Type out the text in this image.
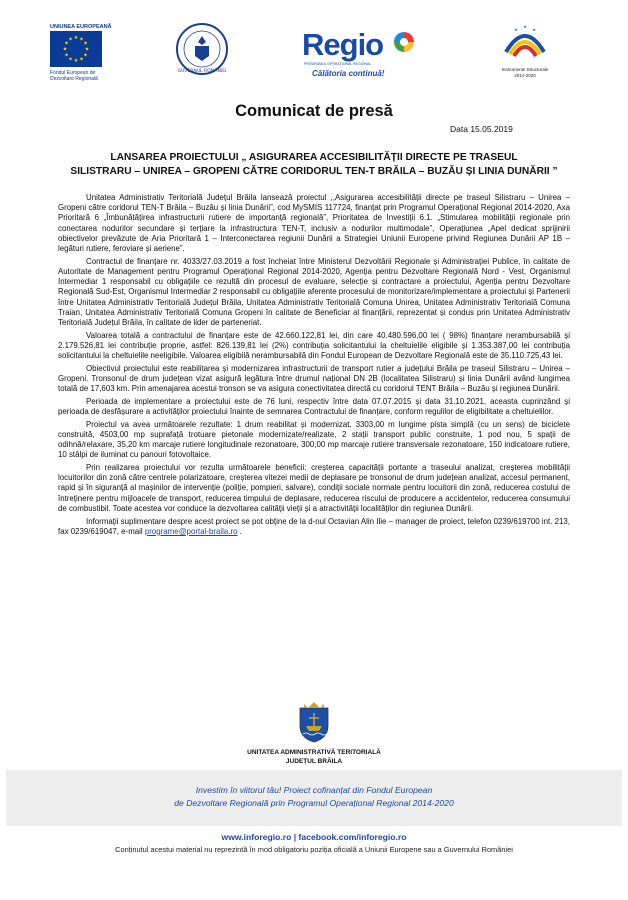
UNIUNEA EUROPEANĂ
★ ★
★
★
★
★
★
★
★
★
★
★
Fondul European de
Dezvoltare Regională
GUVERNUL ROMÂNIEI
Regio
PROGRAMUL OPERAȚIONAL REGIONAL
Călătoria continuă!
★
★
★
Instrumente Structurale
2014-2020
Comunicat de presă
Data 15.05.2019
LANSAREA PROIECTULUI „ ASIGURAREA ACCESIBILITĂȚII DIRECTE PE TRASEUL
SILISTRARU – UNIREA – GROPENI CĂTRE CORIDORUL TEN-T BRĂILA – BUZĂU ȘI LINIA DUNĂRII ”

Unitatea Administrativ Teritorială Județul Brăila lansează proiectul ,,Asigurarea accesibilității directe pe traseul Silistraru – Unirea – Gropeni către coridorul TEN-T Brăila – Buzău și linia Dunării”, cod MySMIS 117724, finanțat prin Programul Operațional Regional 2014-2020, Axa Prioritară 6 „Îmbunătățirea infrastructurii rutiere de importanță regională”, Prioritatea de Investiții 6.1. „Stimularea mobilității regionale prin conectarea nodurilor secundare și terțiare la infrastructura TEN-T, inclusiv a nodurilor multimodale”, Operațiunea „Apel dedicat sprijinirii obiectivelor prevăzute de Aria Prioritară 1 – Interconectarea regiunii Dunării a Strategiei Uniunii Europene privind Regiunea Dunării AP 1B – legături rutiere, feroviare și aeriene”.

Contractul de finanțare nr. 4033/27.03.2019 a fost încheiat între Ministerul Dezvoltării Regionale și Administrației Publice, în calitate de Autoritate de Management pentru Programul Operațional Regional 2014-2020, Agenția pentru Dezvoltare Regională Nord - Vest, Organismul Intermediar 1 responsabil cu obligațiile ce rezultă din procesul de evaluare, selecție și contractare a proiectului, Agenția pentru Dezvoltare Regională Sud-Est, Organismul Intermediar 2 responsabil cu obligațiile aferente procesului de monitorizare/implementare a proiectului și Partenerii între Unitatea Administrativ Teritorială Județul Brăila, Unitatea Administrativ Teritorială Comuna Unirea, Unitatea Administrativ Teritorială Comuna Traian, Unitatea Administrativ Teritorială Comuna Gropeni în calitate de Beneficiar al finanțării, reprezentat și condus prin Unitatea Administrativ Teritorială Județul Brăila, în calitate de lider de parteneriat.

Valoarea totală a contractului de finanțare este de 42.660.122,81 lei, din care 40.480.596,00 lei ( 98%) finanțare nerambursabilă și 2.179.526,81 lei contribuție proprie, astfel: 826.139,81 lei (2%) contribuția solicitantului la cheltuielile eligibile și 1.353.387,00 lei contribuția solicitantului la cheltuielile neeligibile. Valoarea eligibilă nerambursabilă din Fondul European de Dezvoltare Regională este de 35.110.725,43 lei.

Obiectivul proiectului este reabilitarea și modernizarea infrastructurii de transport rutier a județului Brăila pe traseul Silistraru – Unirea – Gropeni. Tronsonul de drum județean vizat asigură legătura între drumul național DN 2B (localitatea Silistraru) și linia Dunării având lungimea totală de 17,603 km. Prin amenajarea acestui tronson se va asigura conectivitatea directă cu coridorul TENT Brăila – Buzău și regiunea Dunării.

Perioada de implementare a proiectului este de 76 luni, respectiv între data 07.07.2015 și data 31.10.2021, aceasta cuprinzând și perioada de desfășurare a activităților proiectului înainte de semnarea Contractului de finanțare, conform regulilor de eligibilitate a cheltuielilor.

Proiectul va avea următoarele rezultate: 1 drum reabilitat și modernizat, 3303,00 m lungime pista simplă (cu un sens) de biciclete construită, 4503,00 mp suprafață trotuare pietonale modernizate/realizate, 2 stații transport public construite, 1 pod nou, 5 spații de odihnă/relaxare, 35,20 km marcaje rutiere longitudinale rezonatoare, 300,00 mp marcaje rutiere transversale rezonatoare, 150 indicatoare rutiere, 10 stâlpi de iluminat cu panouri fotovoltaice.

Prin realizarea proiectului vor rezulta următoarele beneficii: creșterea capacității portante a traseului analizat, creșterea mobilității locuitorilor din zonă către centrele polarizatoare, creșterea vitezei medii de deplasare pe tronsonul de drum județean analizat, accesul permanent, rapid și în siguranță al mașinilor de intervenție (poliție, pompieri, salvare), condiții sociale normale pentru locuitorii din zonă, reducerea costului de întreținere pentru mijloacele de transport, reducerea timpului de deplasare, reducerea riscului de producere a accidentelor, reducerea consumului de combustibil. Toate acestea vor conduce la dezvoltarea calității vieții și a atractivității localităților din regiunea Dunării.

Informații suplimentare despre acest proiect se pot obține de la d-nul Octavian Alin Ilie – manager de proiect, telefon 0239/619700 int. 213, fax 0239/619047, e-mail programe@portal-braila.ro .

UNITATEA ADMINISTRATIVĂ TERITORIALĂ
JUDEȚUL BRĂILA
Investim în viitorul tău! Proiect cofinanțat din Fondul European
de Dezvoltare Regională prin Programul Operațional Regional 2014-2020
www.inforegio.ro | facebook.com/inforegio.ro
Conținutul acestui material nu reprezintă în mod obligatoriu poziția oficială a Uniunii Europene sau a Guvernului României
